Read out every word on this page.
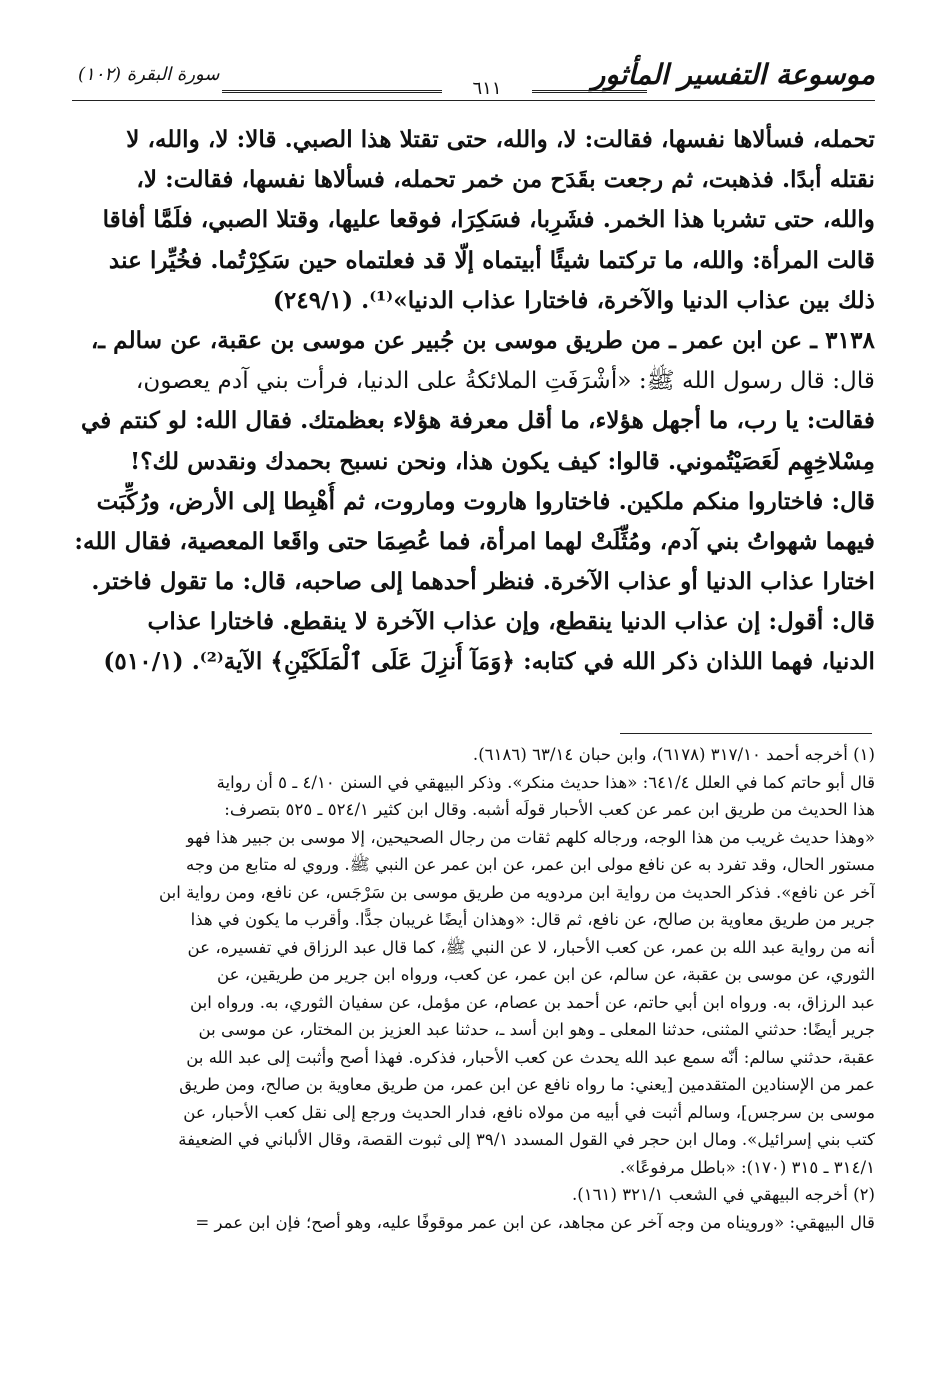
موسوعة التفسير المأثور
٦١١
سورة البقرة (١٠٢)
تحمله، فسألاها نفسها، فقالت: لا، والله، حتى تقتلا هذا الصبي. قالا: لا، والله، لا
نقتله أبدًا. فذهبت، ثم رجعت بقَدَح من خمر تحمله، فسألاها نفسها، فقالت: لا،
والله، حتى تشربا هذا الخمر. فشَرِبا، فسَكِرَا، فوقعا عليها، وقتلا الصبي، فلَمَّا أفاقا
قالت المرأة: والله، ما تركتما شيئًا أبيتماه إلّا قد فعلتماه حين سَكِرْتُما. فخُيِّرا عند
ذلك بين عذاب الدنيا والآخرة، فاختارا عذاب الدنيا»⁽¹⁾. (٢٤٩/١)
٣١٣٨ ـ عن ابن عمر ـ من طريق موسى بن جُبير عن موسى بن عقبة، عن سالم ـ،
قال: قال رسول الله ﷺ: «أشْرَفَتِ الملائكةُ على الدنيا، فرأت بني آدم يعصون،
فقالت: يا رب، ما أجهل هؤلاء، ما أقل معرفة هؤلاء بعظمتك. فقال الله: لو كنتم في
مِسْلاخِهِم لَعَصَيْتُموني. قالوا: كيف يكون هذا، ونحن نسبح بحمدك ونقدس لك؟!
قال: فاختاروا منكم ملكين. فاختاروا هاروت وماروت، ثم أُهْبِطا إلى الأرض، ورُكِّبَت
فيهما شهواتُ بني آدم، ومُثِّلَتْ لهما امرأة، فما عُصِمَا حتى واقَعا المعصية، فقال الله:
اختارا عذاب الدنيا أو عذاب الآخرة. فنظر أحدهما إلى صاحبه، قال: ما تقول فاختر.
قال: أقول: إن عذاب الدنيا ينقطع، وإن عذاب الآخرة لا ينقطع. فاختارا عذاب
الدنيا، فهما اللذان ذكر الله في كتابه: ﴿وَمَآ أُنزِلَ عَلَى ٱلْمَلَكَيْنِ﴾ الآية⁽²⁾. (٥١٠/١)
(١) أخرجه أحمد ٣١٧/١٠ (٦١٧٨)، وابن حبان ٦٣/١٤ (٦١٨٦).
قال أبو حاتم كما في العلل ٦٤١/٤: «هذا حديث منكر». وذكر البيهقي في السنن ٤/١٠ ـ ٥ أن رواية
هذا الحديث من طريق ابن عمر عن كعب الأحبار قولَه أشبه. وقال ابن كثير ٥٢٤/١ ـ ٥٢٥ بتصرف:
«وهذا حديث غريب من هذا الوجه، ورجاله كلهم ثقات من رجال الصحيحين، إلا موسى بن جبير هذا فهو
مستور الحال، وقد تفرد به عن نافع مولى ابن عمر، عن ابن عمر عن النبي ﷺ. وروي له متابع من وجه
آخر عن نافع». فذكر الحديث من رواية ابن مردويه من طريق موسى بن سَرْجَس، عن نافع، ومن رواية ابن
جرير من طريق معاوية بن صالح، عن نافع، ثم قال: «وهذان أيضًا غريبان جدًّا. وأقرب ما يكون في هذا
أنه من رواية عبد الله بن عمر، عن كعب الأحبار، لا عن النبي ﷺ، كما قال عبد الرزاق في تفسيره، عن
الثوري، عن موسى بن عقبة، عن سالم، عن ابن عمر، عن كعب، ورواه ابن جرير من طريقين، عن
عبد الرزاق، به. ورواه ابن أبي حاتم، عن أحمد بن عصام، عن مؤمل، عن سفيان الثوري، به. ورواه ابن
جرير أيضًا: حدثني المثنى، حدثنا المعلى ـ وهو ابن أسد ـ، حدثنا عبد العزيز بن المختار، عن موسى بن
عقبة، حدثني سالم: أنّه سمع عبد الله يحدث عن كعب الأحبار، فذكره. فهذا أصح وأثبت إلى عبد الله بن
عمر من الإسنادين المتقدمين [يعني: ما رواه نافع عن ابن عمر، من طريق معاوية بن صالح، ومن طريق
موسى بن سرجس]، وسالم أثبت في أبيه من مولاه نافع، فدار الحديث ورجع إلى نقل كعب الأحبار، عن
كتب بني إسرائيل». ومال ابن حجر في القول المسدد ٣٩/١ إلى ثبوت القصة، وقال الألباني في الضعيفة
٣١٤/١ ـ ٣١٥ (١٧٠): «باطل مرفوعًا».
(٢) أخرجه البيهقي في الشعب ٣٢١/١ (١٦١).
قال البيهقي: «ورويناه من وجه آخر عن مجاهد، عن ابن عمر موقوفًا عليه، وهو أصح؛ فإن ابن عمر =
